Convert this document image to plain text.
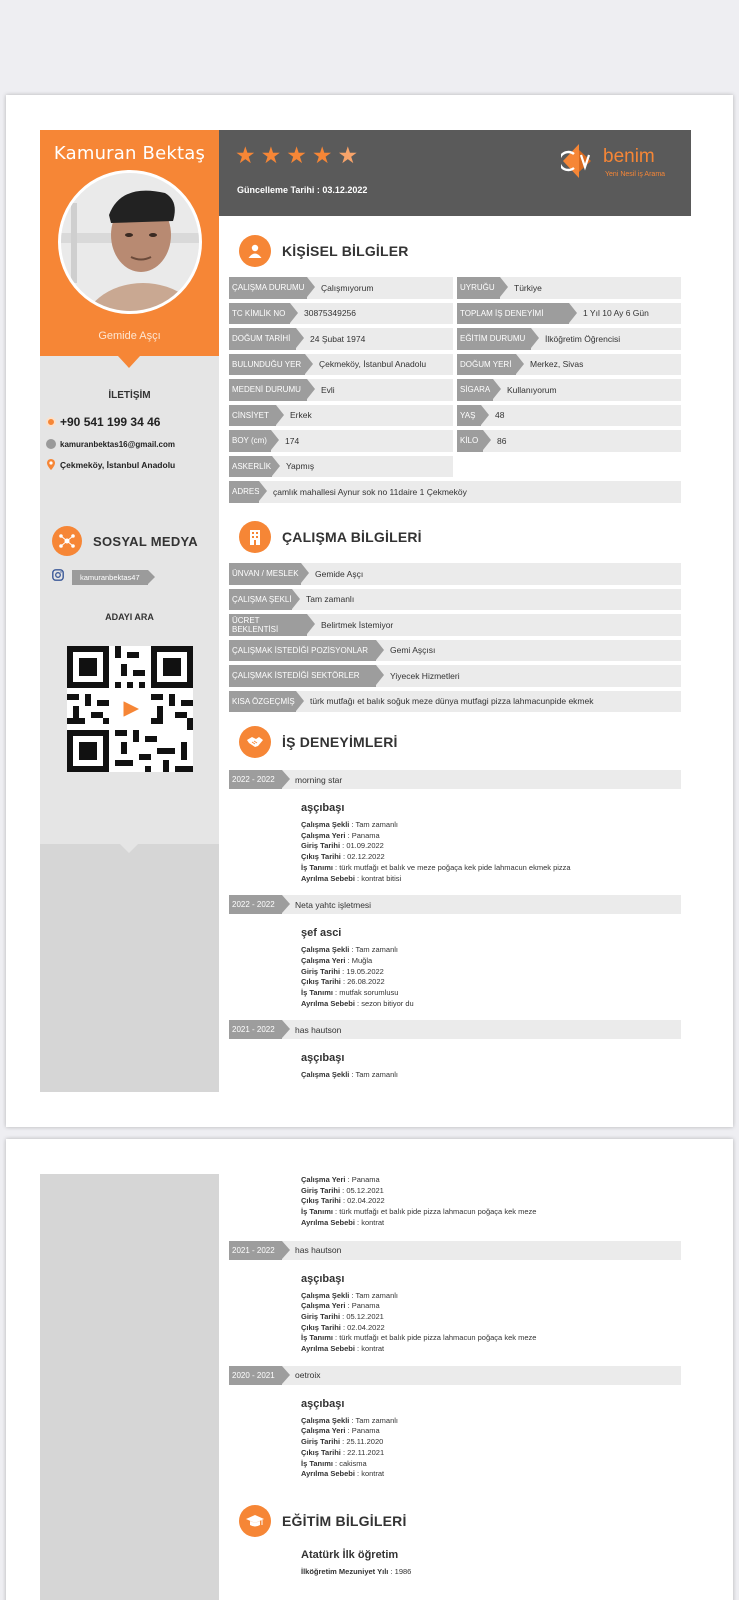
Kamuran Bektaş
Gemide Aşçı
İLETİŞİM
+90 541 199 34 46
kamuranbektas16@gmail.com
Çekmeköy, İstanbul Anadolu
SOSYAL MEDYA
kamuranbektas47
ADAYI ARA
★ ★ ★ ★ ★
Güncelleme Tarihi : 03.12.2022
benim
Yeni Nesil iş Arama
KİŞİSEL BİLGİLER
ÇALIŞMA DURUMU	Çalışmıyorum	UYRUĞU	Türkiye
TC KİMLİK NO	30875349256	TOPLAM İŞ DENEYİMİ	1 Yıl 10 Ay 6 Gün
DOĞUM TARİHİ	24 Şubat 1974	EĞİTİM DURUMU	İlköğretim Öğrencisi
BULUNDUĞU YER	Çekmeköy, İstanbul Anadolu	DOĞUM YERİ	Merkez, Sivas
MEDENİ DURUMU	Evli	SİGARA	Kullanıyorum
CİNSİYET	Erkek	YAŞ	48
BOY (cm)	174	KİLO	86
ASKERLİK	Yapmış
ADRES	çamlık mahallesi Aynur sok no 11daire 1 Çekmeköy
ÇALIŞMA BİLGİLERİ
ÜNVAN / MESLEK	Gemide Aşçı
ÇALIŞMA ŞEKLİ	Tam zamanlı
ÜCRET BEKLENTİSİ	Belirtmek İstemiyor
ÇALIŞMAK İSTEDİĞİ POZİSYONLAR	Gemi Aşçısı
ÇALIŞMAK İSTEDİĞİ SEKTÖRLER	Yiyecek Hizmetleri
KISA ÖZGEÇMİŞ	türk mutfağı et balık soğuk meze dünya mutfagi pizza lahmacunpide ekmek
İŞ DENEYİMLERİ
2022 - 2022	morning star
aşçıbaşı
Çalışma Şekli : Tam zamanlı
Çalışma Yeri : Panama
Giriş Tarihi : 01.09.2022
Çıkış Tarihi : 02.12.2022
İş Tanımı : türk mutfağı et balık ve meze poğaça kek pide lahmacun ekmek pizza
Ayrılma Sebebi : kontrat bitisi
2022 - 2022	Neta yahtc işletmesi
şef asci
Çalışma Şekli : Tam zamanlı
Çalışma Yeri : Muğla
Giriş Tarihi : 19.05.2022
Çıkış Tarihi : 26.08.2022
İş Tanımı : mutfak sorumlusu
Ayrılma Sebebi : sezon bitiyor du
2021 - 2022	has hautson
aşçıbaşı
Çalışma Şekli : Tam zamanlı
Çalışma Yeri : Panama
Giriş Tarihi : 05.12.2021
Çıkış Tarihi : 02.04.2022
İş Tanımı : türk mutfağı et balık pide pizza lahmacun poğaça kek meze
Ayrılma Sebebi : kontrat
2021 - 2022	has hautson
aşçıbaşı
Çalışma Şekli : Tam zamanlı
Çalışma Yeri : Panama
Giriş Tarihi : 05.12.2021
Çıkış Tarihi : 02.04.2022
İş Tanımı : türk mutfağı et balık pide pizza lahmacun poğaça kek meze
Ayrılma Sebebi : kontrat
2020 - 2021	oetroix
aşçıbaşı
Çalışma Şekli : Tam zamanlı
Çalışma Yeri : Panama
Giriş Tarihi : 25.11.2020
Çıkış Tarihi : 22.11.2021
İş Tanımı : cakisma
Ayrılma Sebebi : kontrat
EĞİTİM BİLGİLERİ
Atatürk İlk öğretim
İlköğretim Mezuniyet Yılı : 1986
